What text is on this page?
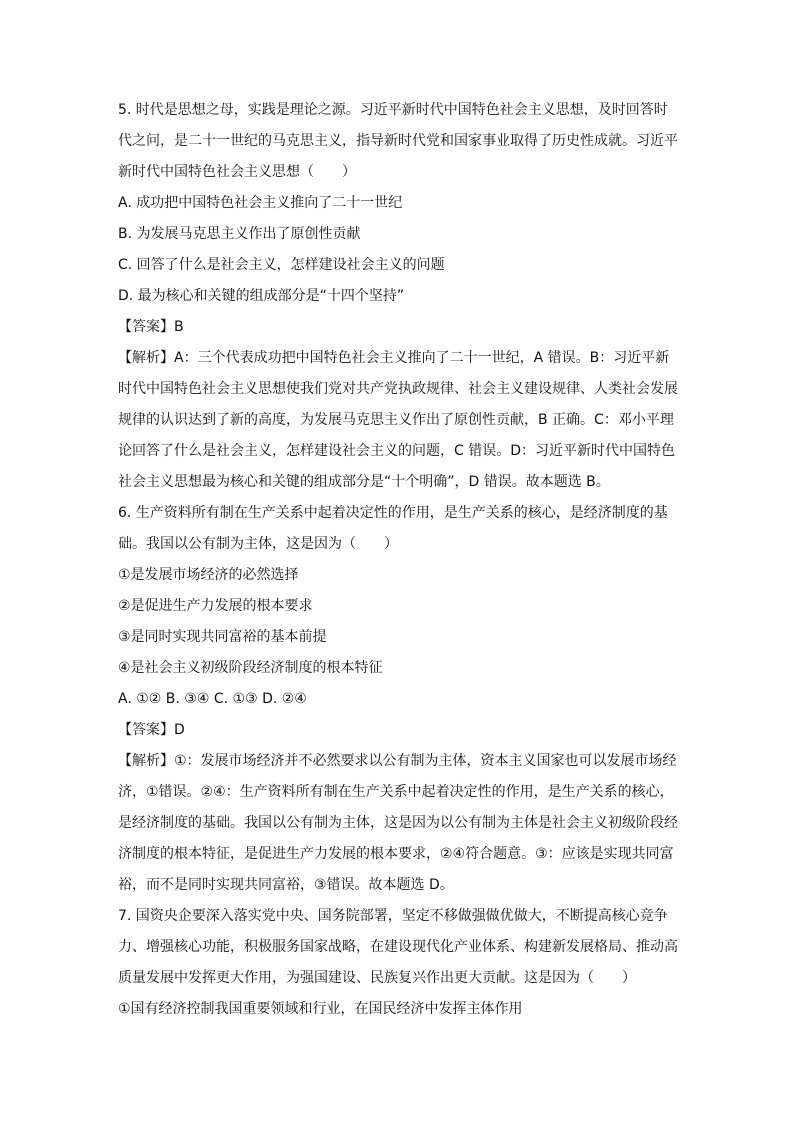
5. 时代是思想之母，实践是理论之源。习近平新时代中国特色社会主义思想，及时回答时
代之问，是二十一世纪的马克思主义，指导新时代党和国家事业取得了历史性成就。习近平
新时代中国特色社会主义思想（　　）
A. 成功把中国特色社会主义推向了二十一世纪
B. 为发展马克思主义作出了原创性贡献
C. 回答了什么是社会主义，怎样建设社会主义的问题
D. 最为核心和关键的组成部分是“十四个坚持”
【答案】 B
【解析】 A：三个代表成功把中国特色社会主义推向了二十一世纪，A 错误。B：习近平新
时代中国特色社会主义思想使我们党对共产党执政规律、社会主义建设规律、人类社会发展
规律的认识达到了新的高度，为发展马克思主义作出了原创性贡献，B 正确。C：邓小平理
论回答了什么是社会主义，怎样建设社会主义的问题，C 错误。D：习近平新时代中国特色
社会主义思想最为核心和关键的组成部分是“十个明确”，D 错误。故本题选 B。
6. 生产资料所有制在生产关系中起着决定性的作用，是生产关系的核心，是经济制度的基
础。我国以公有制为主体，这是因为（　　）
①是发展市场经济的必然选择
②是促进生产力发展的根本要求
③是同时实现共同富裕的基本前提
④是社会主义初级阶段经济制度的根本特征
A. ①② B. ③④ C. ①③ D. ②④
【答案】 D
【解析】 ①：发展市场经济并不必然要求以公有制为主体，资本主义国家也可以发展市场经
济，①错误。②④：生产资料所有制在生产关系中起着决定性的作用，是生产关系的核心，
是经济制度的基础。我国以公有制为主体，这是因为以公有制为主体是社会主义初级阶段经
济制度的根本特征，是促进生产力发展的根本要求，②④符合题意。③：应该是实现共同富
裕，而不是同时实现共同富裕，③错误。故本题选 D。
7. 国资央企要深入落实党中央、国务院部署，坚定不移做强做优做大，不断提高核心竞争
力、增强核心功能，积极服务国家战略，在建设现代化产业体系、构建新发展格局、推动高
质量发展中发挥更大作用，为强国建设、民族复兴作出更大贡献。这是因为（　　）
①国有经济控制我国重要领域和行业，在国民经济中发挥主体作用
